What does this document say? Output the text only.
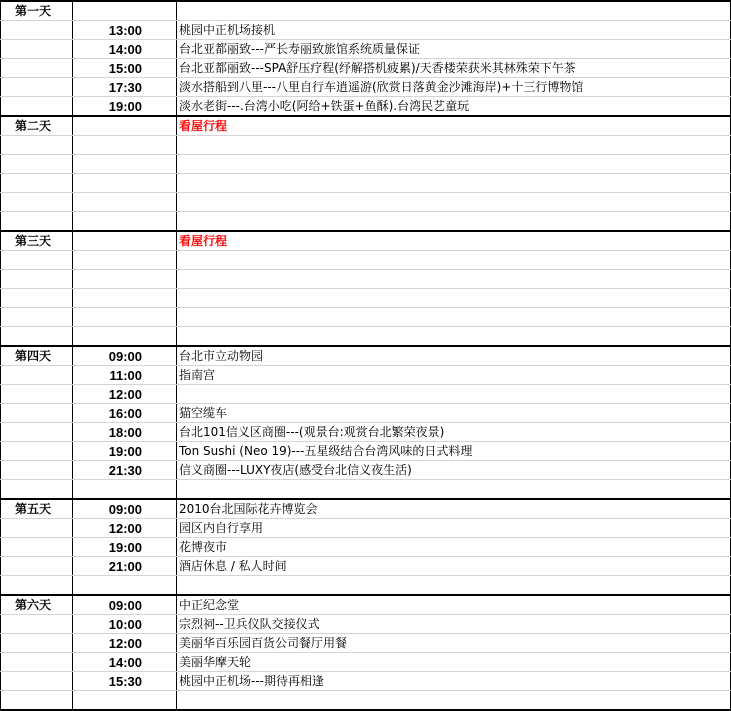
第一天		
	13:00	桃园中正机场接机
	14:00	台北亚都丽致---严长寿丽致旅馆系统质量保证
	15:00	台北亚都丽致---SPA舒压疗程(纾解搭机疲累)/天香楼荣获米其林殊荣下午茶
	17:30	淡水搭船到八里---八里自行车逍遥游(欣赏日落黄金沙滩海岸)+十三行博物馆
	19:00	淡水老街---.台湾小吃(阿给+铁蛋+鱼酥).台湾民艺童玩
第二天		看屋行程

第三天		看屋行程

第四天	09:00	台北市立动物园
	11:00	指南宫
	12:00	
	16:00	猫空缆车
	18:00	台北101信义区商圈---(观景台:观赏台北繁荣夜景)
	19:00	Ton Sushi (Neo 19)---五星级结合台湾风味的日式料理
	21:30	信义商圈---LUXY夜店(感受台北信义夜生活)

第五天	09:00	2010台北国际花卉博览会
	12:00	园区内自行享用
	19:00	花博夜市
	21:00	酒店休息 / 私人时间

第六天	09:00	中正纪念堂
	10:00	宗烈祠--卫兵仪队交接仪式
	12:00	美丽华百乐园百货公司餐厅用餐
	14:00	美丽华摩天轮
	15:30	桃园中正机场---期待再相逢
